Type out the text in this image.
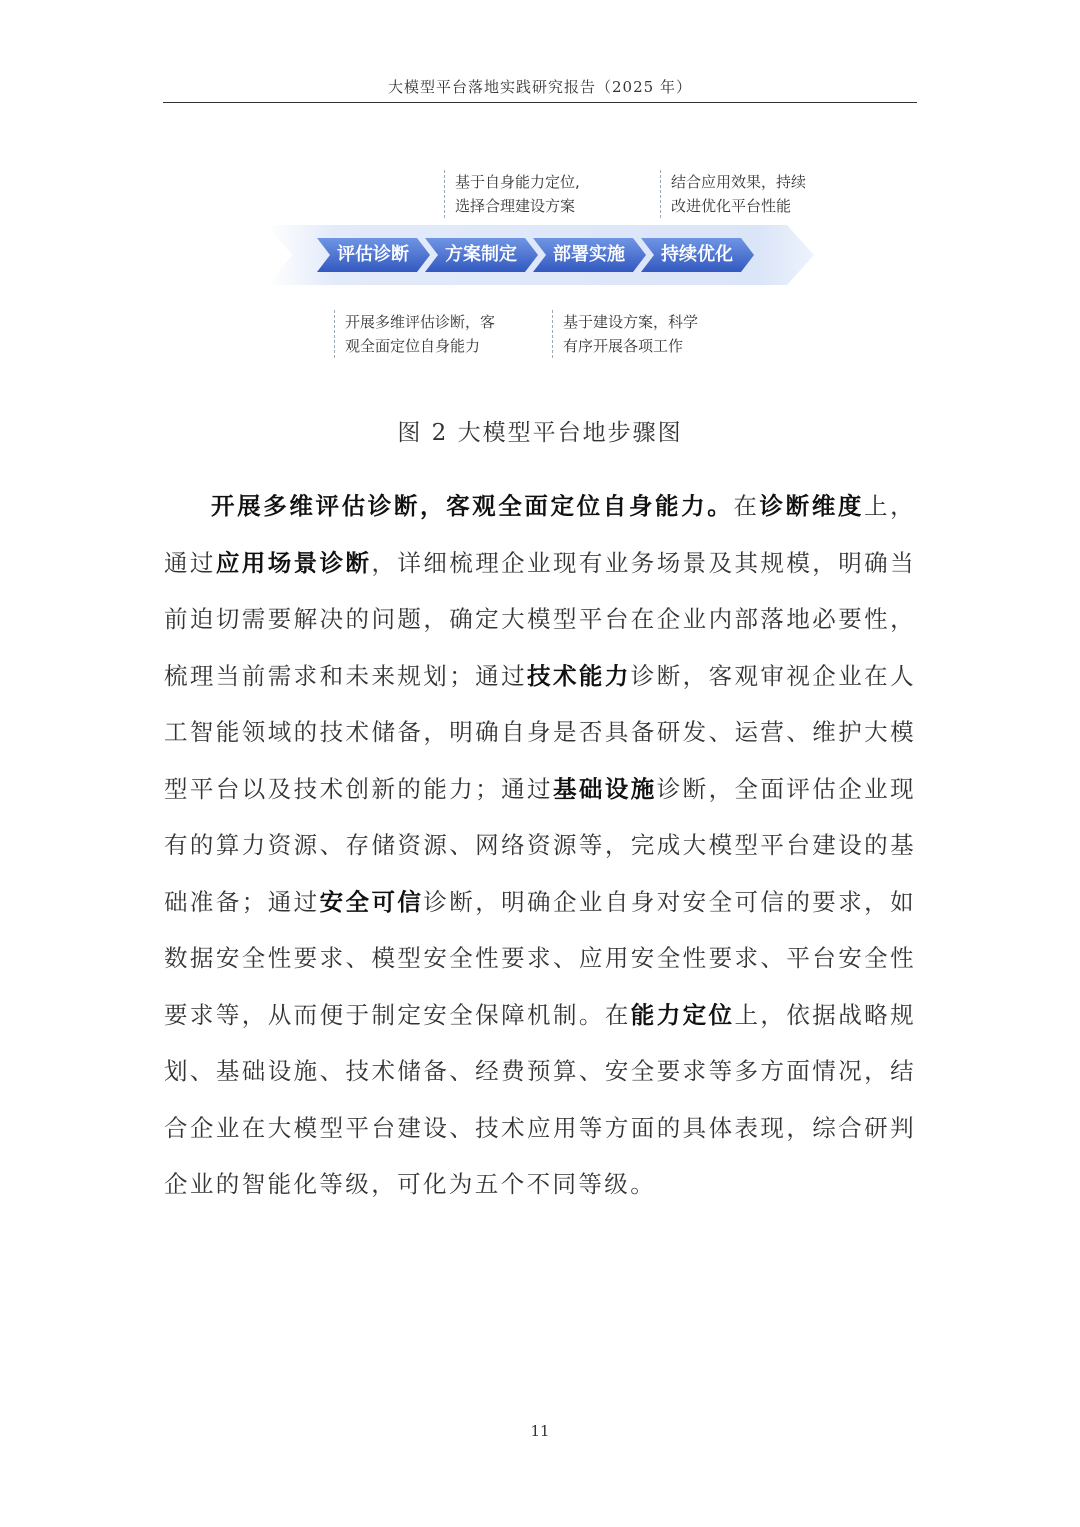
大模型平台落地实践研究报告（2025 年）
评估诊断	方案制定	部署实施	持续优化
基于自身能力定位,
选择合理建设方案
结合应用效果，持续
改进优化平台性能
开展多维评估诊断，客
观全面定位自身能力
基于建设方案，科学
有序开展各项工作
图 2 大模型平台地步骤图
开展多维评估诊断，客观全面定位自身能力。在诊断维度上，通过应用场景诊断，详细梳理企业现有业务场景及其规模，明确当前迫切需要解决的问题，确定大模型平台在企业内部落地必要性，梳理当前需求和未来规划；通过技术能力诊断，客观审视企业在人工智能领域的技术储备，明确自身是否具备研发、运营、维护大模型平台以及技术创新的能力；通过基础设施诊断，全面评估企业现有的算力资源、存储资源、网络资源等，完成大模型平台建设的基础准备；通过安全可信诊断，明确企业自身对安全可信的要求，如数据安全性要求、模型安全性要求、应用安全性要求、平台安全性要求等，从而便于制定安全保障机制。在能力定位上，依据战略规划、基础设施、技术储备、经费预算、安全要求等多方面情况，结合企业在大模型平台建设、技术应用等方面的具体表现，综合研判企业的智能化等级，可化为五个不同等级。
11
